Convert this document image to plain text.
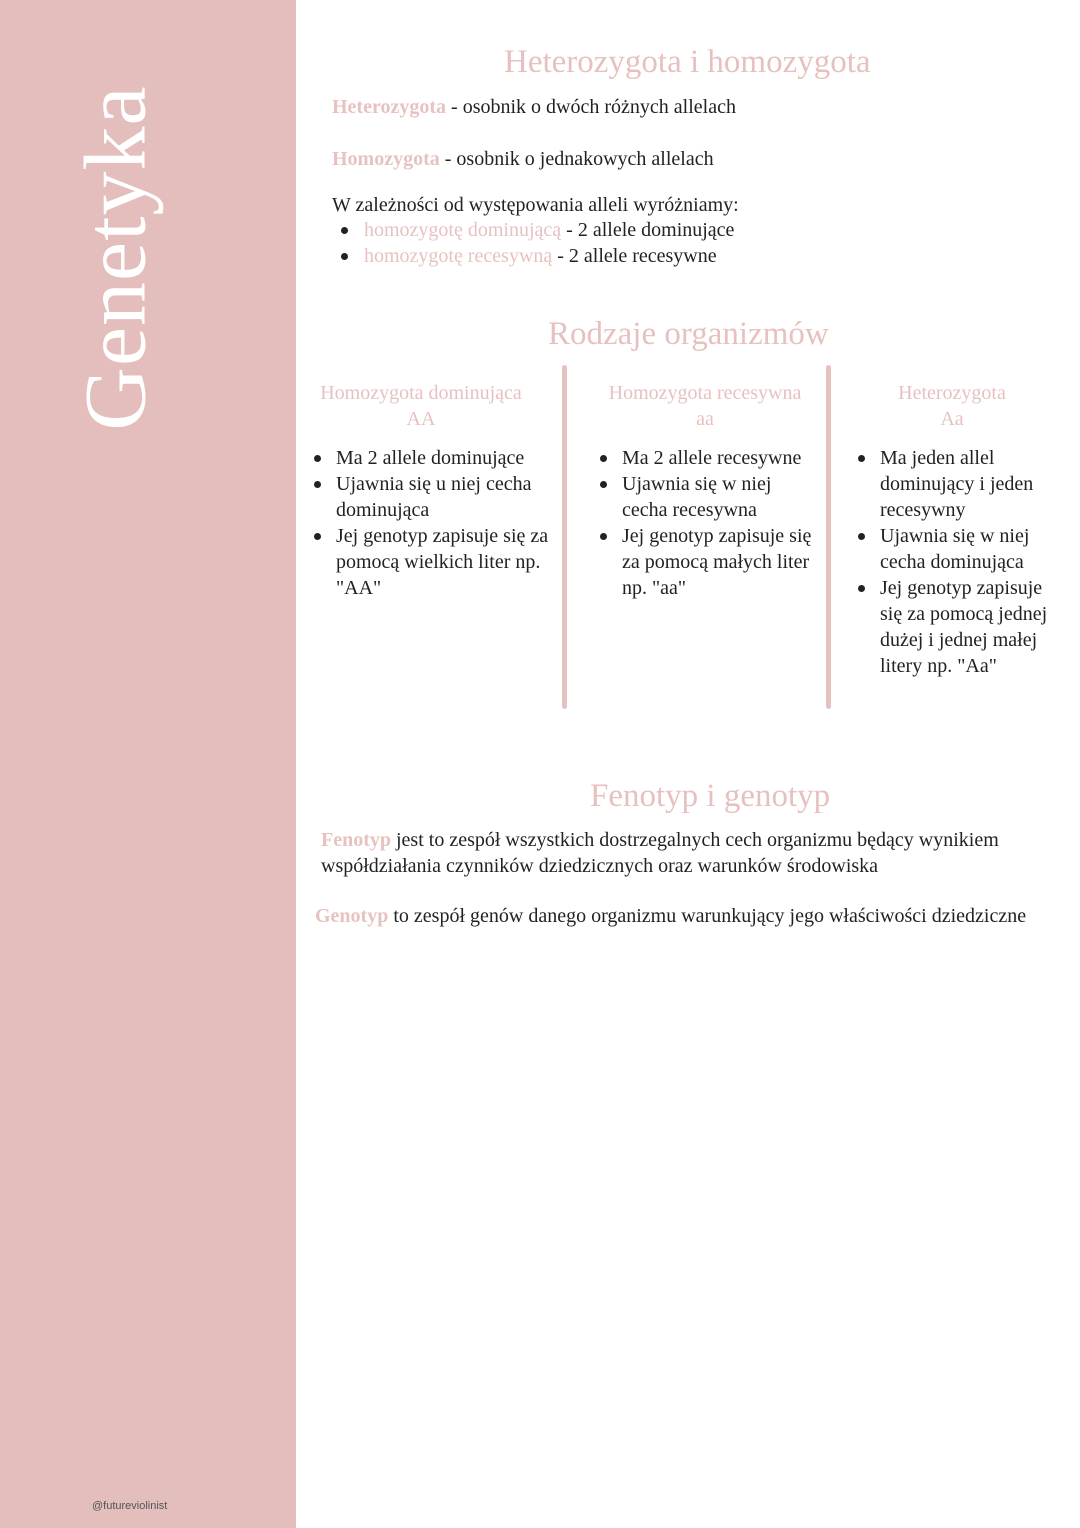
Genetyka
@futureviolinist
Heterozygota i homozygota
Heterozygota - osobnik o dwóch różnych allelach
Homozygota - osobnik o jednakowych allelach
W zależności od występowania alleli wyróżniamy:
homozygotę dominującą - 2 allele dominujące
homozygotę recesywną - 2 allele recesywne
Rodzaje organizmów
Homozygota dominująca
AA
Ma 2 allele dominujące
Ujawnia się u niej cecha dominująca
Jej genotyp zapisuje się za pomocą wielkich liter np. "AA"
Homozygota recesywna
aa
Ma 2 allele recesywne
Ujawnia się w niej cecha recesywna
Jej genotyp zapisuje się za pomocą małych liter np. "aa"
Heterozygota
Aa
Ma jeden allel dominujący i jeden recesywny
Ujawnia się w niej cecha dominująca
Jej genotyp zapisuje się za pomocą jednej dużej i jednej małej litery np. "Aa"
Fenotyp i genotyp
Fenotyp jest to zespół wszystkich dostrzegalnych cech organizmu będący wynikiem współdziałania czynników dziedzicznych oraz warunków środowiska
Genotyp to zespół genów danego organizmu warunkujący jego właściwości dziedziczne
